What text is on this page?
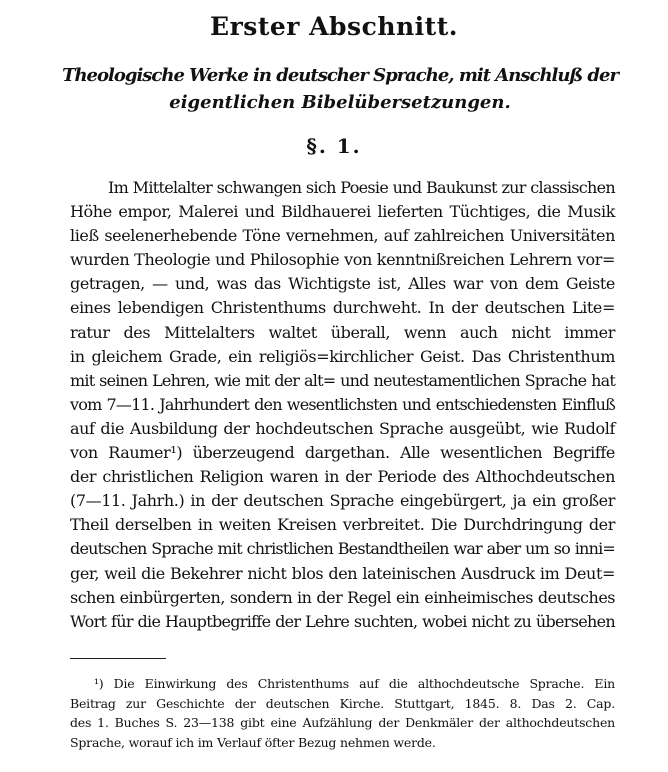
Erster Abschnitt.
Theologische Werke in deutscher Sprache, mit Anschluß der
eigentlichen Bibelübersetzungen.
§. 1.
Im Mittelalter schwangen sich Poesie und Baukunst zur classischen
Höhe empor, Malerei und Bildhauerei lieferten Tüchtiges, die Musik
ließ seelenerhebende Töne vernehmen, auf zahlreichen Universitäten
wurden Theologie und Philosophie von kenntnißreichen Lehrern vor=
getragen, — und, was das Wichtigste ist, Alles war von dem Geiste
eines lebendigen Christenthums durchweht. In der deutschen Lite=
ratur des Mittelalters waltet überall, wenn auch nicht immer
in gleichem Grade, ein religiös=kirchlicher Geist. Das Christenthum
mit seinen Lehren, wie mit der alt= und neutestamentlichen Sprache hat
vom 7—11. Jahrhundert den wesentlichsten und entschiedensten Einfluß
auf die Ausbildung der hochdeutschen Sprache ausgeübt, wie Rudolf
von Raumer¹) überzeugend dargethan. Alle wesentlichen Begriffe
der christlichen Religion waren in der Periode des Althochdeutschen
(7—11. Jahrh.) in der deutschen Sprache eingebürgert, ja ein großer
Theil derselben in weiten Kreisen verbreitet. Die Durchdringung der
deutschen Sprache mit christlichen Bestandtheilen war aber um so inni=
ger, weil die Bekehrer nicht blos den lateinischen Ausdruck im Deut=
schen einbürgerten, sondern in der Regel ein einheimisches deutsches
Wort für die Hauptbegriffe der Lehre suchten, wobei nicht zu übersehen
¹) Die Einwirkung des Christenthums auf die althochdeutsche Sprache. Ein
Beitrag zur Geschichte der deutschen Kirche. Stuttgart, 1845. 8. Das 2. Cap.
des 1. Buches S. 23—138 gibt eine Aufzählung der Denkmäler der althochdeutschen
Sprache, worauf ich im Verlauf öfter Bezug nehmen werde.
